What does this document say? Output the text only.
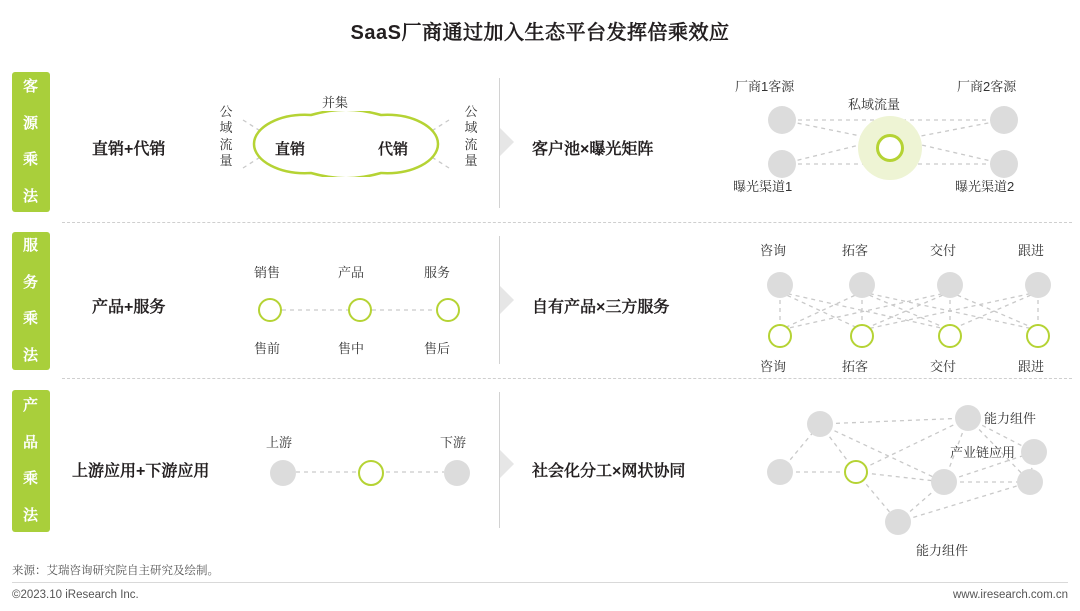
SaaS厂商通过加入生态平台发挥倍乘效应
客

源

乘

法
服

务

乘

法
产

品

乘

法
直销+代销	客户池×曝光矩阵
产品+服务	自有产品×三方服务
上游应用+下游应用	社会化分工×网状协同
并集
公域流量
公域流量
直销	代销
厂商1客源
私域流量
厂商2客源
曝光渠道1	曝光渠道2
销售	产品	服务
售前	售中	售后
咨询	拓客	交付	跟进
咨询	拓客	交付	跟进
上游	下游
能力组件
产业链应用
能力组件
来源：艾瑞咨询研究院自主研究及绘制。
©2023.10 iResearch Inc.	www.iresearch.com.cn
